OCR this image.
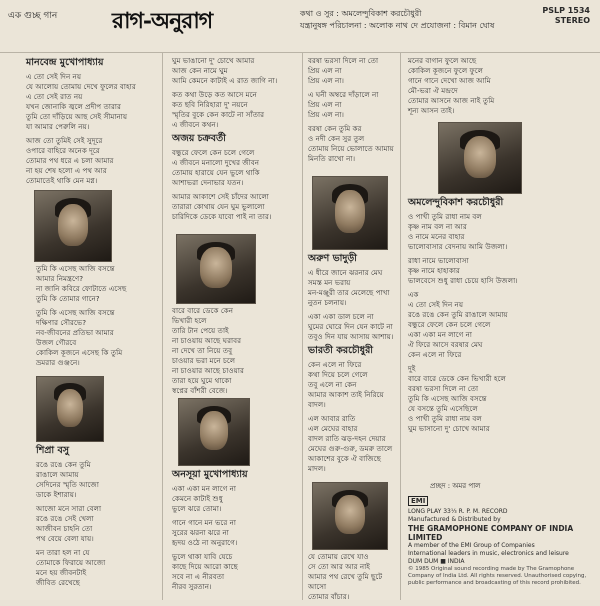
এক গুচ্ছ গান রাগ-অনুরাগ	কথা ও সুর : অমলেন্দুবিকাশ করচৌধুরী
যন্ত্রানুষঙ্গ পরিচালনা : অলোক নাথ দে প্রযোজনা : বিমান ঘোষ
PSLP 1534
STEREO
মানবেন্দ্র মুখোপাধ্যায়

এ তো সেই দিন নয়
যে আলোয় তোমায় দেখে ফুলের বাহার
এ তো সেই রাত নয়
যখন জোনাকি জ্বলে প্রদীপ তারার
তুমি তো দাঁড়িয়ে আছ সেই সীমানায়
যা আমার পেরুলি নয়।

আজ তো তুমিই সেই সুদূরে
ওপারে বাহিরে অনেক দূরে
তোমার পথ ধরে এ চলা আমার
না হয় শেষ হলো এ পথ আর
তোমাতেই থাকি মেন মগ্ন।

তুমি কি এসেছ আজি বসন্তে
আমার নিমন্ত্রণে?
না জানি কবিরে ফোটাতে এসেছ
তুমি কি তোমার গানে?

তুমি কি এসেছ আজি বসন্তে
দক্ষিণার সৌরভে?
নব-জীবনের প্রতিভা আমার
উজল গৌরবে
কোকিল কূজনে এসেছ কি তুমি
ভ্রমরার গুঞ্জনে।

শিপ্রা বসু

রঙে রঙে কেন তুমি
রাঙালে আমায়
সেদিনের স্মৃতি আজো
ডাকে ইশারায়।

আজো মনে সারা বেলা
রঙে রঙে সেই খেলা
আজীবন চাহনি তো
পথ বেয়ে বেলা যায়।

মন তারা হল না যে
তোমাকে ফিরায়ে আজো
মনে হয় জীবনটাই
জীবিত রেখেছে

ঘুম ভাঙানো দু' চোখে আমার
আজ কেন নামে ঘুম
আমি কেমনে কাটাই এ রাত জাগি না।

কত কথা উড়ে কত আসে মনে
কত ছবি নিরিহারা দু' নয়নে
স্মৃতির বুকে কেন কাটে না সাঁতার
এ জীবনে কথন।

অজয় চক্রবর্তী

বন্ধুরে ফেলে কেন চলে গেলে
এ জীবনে মনালো দুখের জীবন
তোমায় হারায়ে যেন ভুলে থাকি
আশাভরা দেনাভার যতন।

আমার আকাশে সেই চাঁদের আলো
তারারা কোথায় যেন ঘুম ভুলালো
চারিদিকে ডেকে যাবো পাই না তার।

বারে বারে ডেকে কেন
ভিখারী হলে
তারি টান পেয়ে তাই
না চাওয়ায় আছে ঘরাবর
না দেখে তা নিয়ে তবু
চাওয়ার ভরা মনে চলে
না চাওয়ার আছে চাওয়ার
তারা হয়ে ঘুমে থাকো
স্বপ্নের বাঁশরী বেজে।

অনসূয়া মুখোপাধ্যায়

একা একা মন লাগে না
কেমনে কাটাই শুধু
ভুলে ঝরে তোমা।

গানে গানে মন ভরে না
সুরের ঝরনা ঝরে না
হৃদয় ওঠে না অনুরাগে।

ভুলে থাকা যাবি যেচে
কাছে দিয়ে আরো কাছে
সবে না এ নীরবতা
নীরব সুরতান।

বরষা ভরসা দিলে না তো
প্রিয় এল না
প্রিয় এল না।

এ ঘনী অম্বরে দাঁড়ালে না
প্রিয় এল না
প্রিয় এল না।

বরষা কেন তুমি কর
ও নদী কেন সুর তুল
তোমায় নিয়ে ভোলাতে আমায়
মিনতি রাখো না।

অরুণ ভাদুড়ী

এ ধীরে জানে ঝরনার মেঘ
সমস্ত মন ভরায়
মন-মঞ্জুরী তার মেলেছে পাখা
নুতন চলনায়।

একা একা ডাল চলে না
ঘুমের ঘোরে দিন যেন কাটে না
তবুও দিন যায় আসায় আশায়।

ভারতী করচৌধুরী

কেন এলে না ফিরে
কথা দিয়ে চলে গেলে
তবু এলে না কেন
আমার আকাশ তাই নিরিয়ে বাদল।

এল আবার রাতি
এল মেঘের বাহার
বাদল রাতি ঝড়-দহন দেয়ার
মেঘের গুরু-গুরু, ডমরু তালে
আকাশের বুকে ঐ বাজিছে মাদল।

যে তোমায় রেখে যাও
সে তো আর আর নাই
আমার পথ রেখে তুমি ছুটে আসো
তোমার বাঁচার।

মনের বাগান ফুলে আছে
কোকিল কূজনে ফুলে ফুলে
গানে গানে দেখো আজ আমি
মৌ-ভরা ঐ মন্দ্রদে
তোমার আসনে আজ নাই তুমি
শূন্য আসন তাই।

অমলেন্দুবিকাশ করচৌধুরী

ও পাখী তুমি রাধা নাম বল
কৃষ্ণ নাম বল না আর
ও নামে মনের বাহার
ভালোবাসার বেদনায় আমি উজলা।

রাধা নামে ভালোবাসা
কৃষ্ণ নামে হাহাকার
ভালবেসে শুধু রাধা চেয়ে হাসি উজলা।

এক
এ তো সেই দিন নয়
রঙে রঙে কেন তুমি রাঙালে আমায়
বন্ধুরে ফেলে কেন চলে গেলে
একা একা মন লাগে না
ঐ ফিরে আসে বরষার মেঘ
কেন এলে না ফিরে

দুই
বারে বারে ডেকে কেন ভিখারী হলে
বরষা ভরসা দিলে না তো
তুমি কি এসেছ আজি বসন্তে
যে বসন্তে তুমি এসেছিলে
ও পাখী তুমি রাধা নাম বল
ঘুম ভাসানো দু' চোখে আমার

প্রচ্ছদ : অমর পাল
EMI
LONG PLAY 33⅓ R. P. M. RECORD
Manufactured & Distributed by
THE GRAMOPHONE COMPANY OF INDIA LIMITED
A member of the EMI Group of Companies
International leaders in music, electronics and leisure
DUM DUM ■ INDIA
© 1985 Original sound recording made by The Gramophone Company of India Ltd. All rights reserved. Unauthorised copying, public performance and broadcasting of this record prohibited.
